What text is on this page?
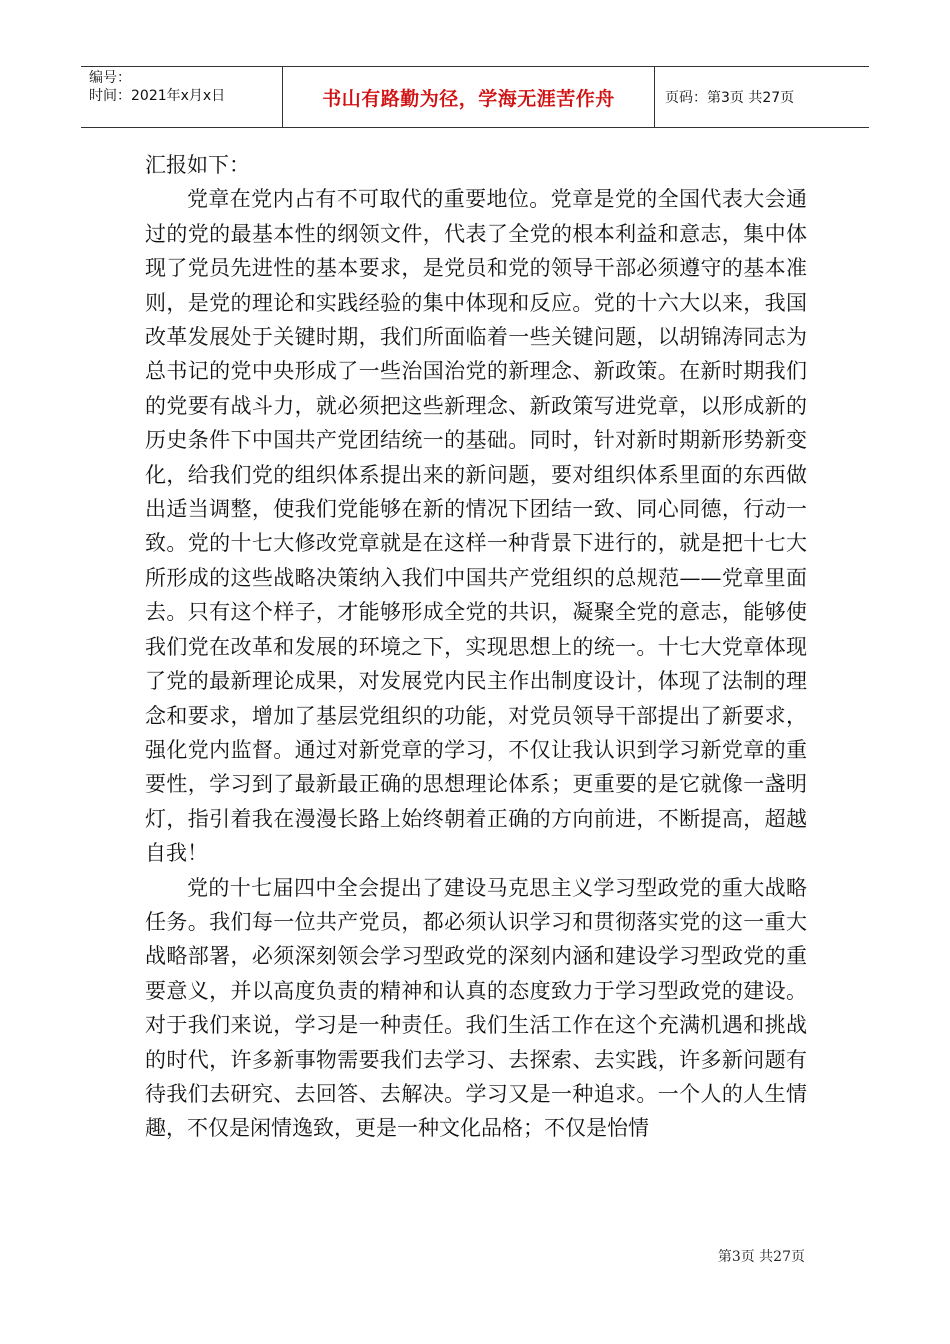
编号：
时间：2021年x月x日	书山有路勤为径，学海无涯苦作舟	页码：第3页 共27页

汇报如下：

党章在党内占有不可取代的重要地位。党章是党的全国代表大会通过的党的最基本性的纲领文件，代表了全党的根本利益和意志，集中体现了党员先进性的基本要求，是党员和党的领导干部必须遵守的基本准则，是党的理论和实践经验的集中体现和反应。党的十六大以来，我国改革发展处于关键时期，我们所面临着一些关键问题，以胡锦涛同志为总书记的党中央形成了一些治国治党的新理念、新政策。在新时期我们的党要有战斗力，就必须把这些新理念、新政策写进党章，以形成新的历史条件下中国共产党团结统一的基础。同时，针对新时期新形势新变化，给我们党的组织体系提出来的新问题，要对组织体系里面的东西做出适当调整，使我们党能够在新的情况下团结一致、同心同德，行动一致。党的十七大修改党章就是在这样一种背景下进行的，就是把十七大所形成的这些战略决策纳入我们中国共产党组织的总规范——党章里面去。只有这个样子，才能够形成全党的共识，凝聚全党的意志，能够使我们党在改革和发展的环境之下，实现思想上的统一。十七大党章体现了党的最新理论成果，对发展党内民主作出制度设计，体现了法制的理念和要求，增加了基层党组织的功能，对党员领导干部提出了新要求，强化党内监督。通过对新党章的学习，不仅让我认识到学习新党章的重要性，学习到了最新最正确的思想理论体系；更重要的是它就像一盏明灯，指引着我在漫漫长路上始终朝着正确的方向前进，不断提高，超越自我！

党的十七届四中全会提出了建设马克思主义学习型政党的重大战略任务。我们每一位共产党员，都必须认识学习和贯彻落实党的这一重大战略部署，必须深刻领会学习型政党的深刻内涵和建设学习型政党的重要意义，并以高度负责的精神和认真的态度致力于学习型政党的建设。对于我们来说，学习是一种责任。我们生活工作在这个充满机遇和挑战的时代，许多新事物需要我们去学习、去探索、去实践，许多新问题有待我们去研究、去回答、去解决。学习又是一种追求。一个人的人生情趣，不仅是闲情逸致，更是一种文化品格；不仅是怡情

第3页 共27页
